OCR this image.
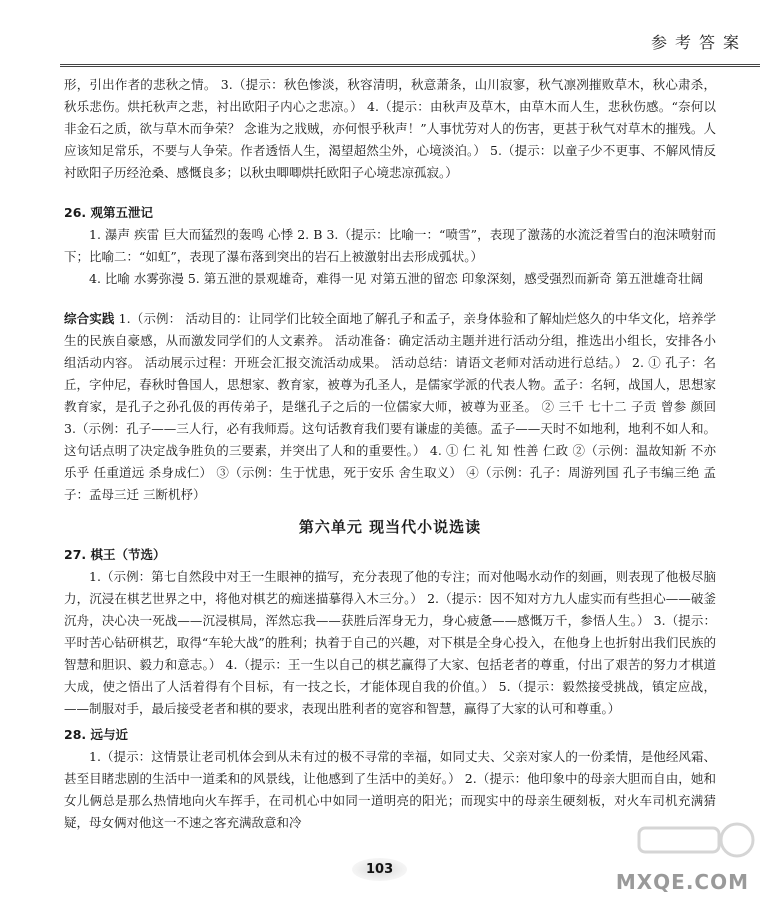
参考答案

形，引出作者的悲秋之情。 3.（提示：秋色惨淡，秋容清明，秋意萧条，山川寂寥，秋气凛冽摧败草木，秋心肃杀，秋乐悲伤。烘托秋声之悲，衬出欧阳子内心之悲凉。） 4.（提示：由秋声及草木，由草木而人生，悲秋伤感。“奈何以非金石之质，欲与草木而争荣？ 念谁为之戕贼，亦何恨乎秋声！”人事忧劳对人的伤害，更甚于秋气对草木的摧残。人应该知足常乐，不要与人争荣。作者透悟人生，渴望超然尘外，心境淡泊。） 5.（提示：以童子少不更事、不解风情反衬欧阳子历经沧桑、感慨良多；以秋虫唧唧烘托欧阳子心境悲凉孤寂。）

26. 观第五泄记

1. 瀑声 疾雷 巨大而猛烈的轰鸣 心悸 2. B 3.（提示：比喻一：“喷雪”，表现了激荡的水流泛着雪白的泡沫喷射而下；比喻二：“如虹”，表现了瀑布落到突出的岩石上被激射出去形成弧状。）

4. 比喻 水雾弥漫 5. 第五泄的景观雄奇，难得一见 对第五泄的留恋 印象深刻，感受强烈而新奇 第五泄雄奇壮阔

综合实践 1.（示例： 活动目的：让同学们比较全面地了解孔子和孟子，亲身体验和了解灿烂悠久的中华文化，培养学生的民族自豪感，从而激发同学们的人文素养。 活动准备：确定活动主题并进行活动分组，推选出小组长，安排各小组活动内容。 活动展示过程：开班会汇报交流活动成果。 活动总结：请语文老师对活动进行总结。） 2. ① 孔子：名丘，字仲尼，春秋时鲁国人，思想家、教育家，被尊为孔圣人，是儒家学派的代表人物。孟子：名轲，战国人，思想家教育家，是孔子之孙孔伋的再传弟子，是继孔子之后的一位儒家大师，被尊为亚圣。 ② 三千 七十二 子贡 曾参 颜回 3.（示例：孔子——三人行，必有我师焉。这句话教育我们要有谦虚的美德。孟子——天时不如地利，地利不如人和。这句话点明了决定战争胜负的三要素，并突出了人和的重要性。） 4. ① 仁 礼 知 性善 仁政 ②（示例：温故知新 不亦乐乎 任重道远 杀身成仁） ③（示例：生于忧患，死于安乐 舍生取义） ④（示例：孔子：周游列国 孔子韦编三绝 孟子：孟母三迁 三断机杼）

第六单元 现当代小说选读

27. 棋王（节选）

1.（示例：第七自然段中对王一生眼神的描写，充分表现了他的专注；而对他喝水动作的刻画，则表现了他极尽脑力，沉浸在棋艺世界之中，将他对棋艺的痴迷描摹得入木三分。） 2.（提示：因不知对方九人虚实而有些担心——破釜沉舟，决心决一死战——沉浸棋局，浑然忘我——获胜后浑身无力，身心疲惫——感慨万千，参悟人生。） 3.（提示：平时苦心钻研棋艺，取得“车轮大战”的胜利；执着于自己的兴趣，对下棋是全身心投入，在他身上也折射出我们民族的智慧和胆识、毅力和意志。） 4.（提示：王一生以自己的棋艺赢得了大家、包括老者的尊重，付出了艰苦的努力才棋道大成，使之悟出了人活着得有个目标，有一技之长，才能体现自我的价值。） 5.（提示：毅然接受挑战，镇定应战，——制服对手，最后接受老者和棋的要求，表现出胜利者的宽容和智慧，赢得了大家的认可和尊重。）

28. 远与近

1.（提示：这情景让老司机体会到从未有过的极不寻常的幸福，如同丈夫、父亲对家人的一份柔情，是他经风霜、甚至目睹悲剧的生活中一道柔和的风景线，让他感到了生活中的美好。） 2.（提示：他印象中的母亲大胆而自由，她和女儿俩总是那么热情地向火车挥手，在司机心中如同一道明亮的阳光；而现实中的母亲生硬刻板，对火车司机充满猜疑，母女俩对他这一不速之客充满敌意和冷

103
MXQE.COM
